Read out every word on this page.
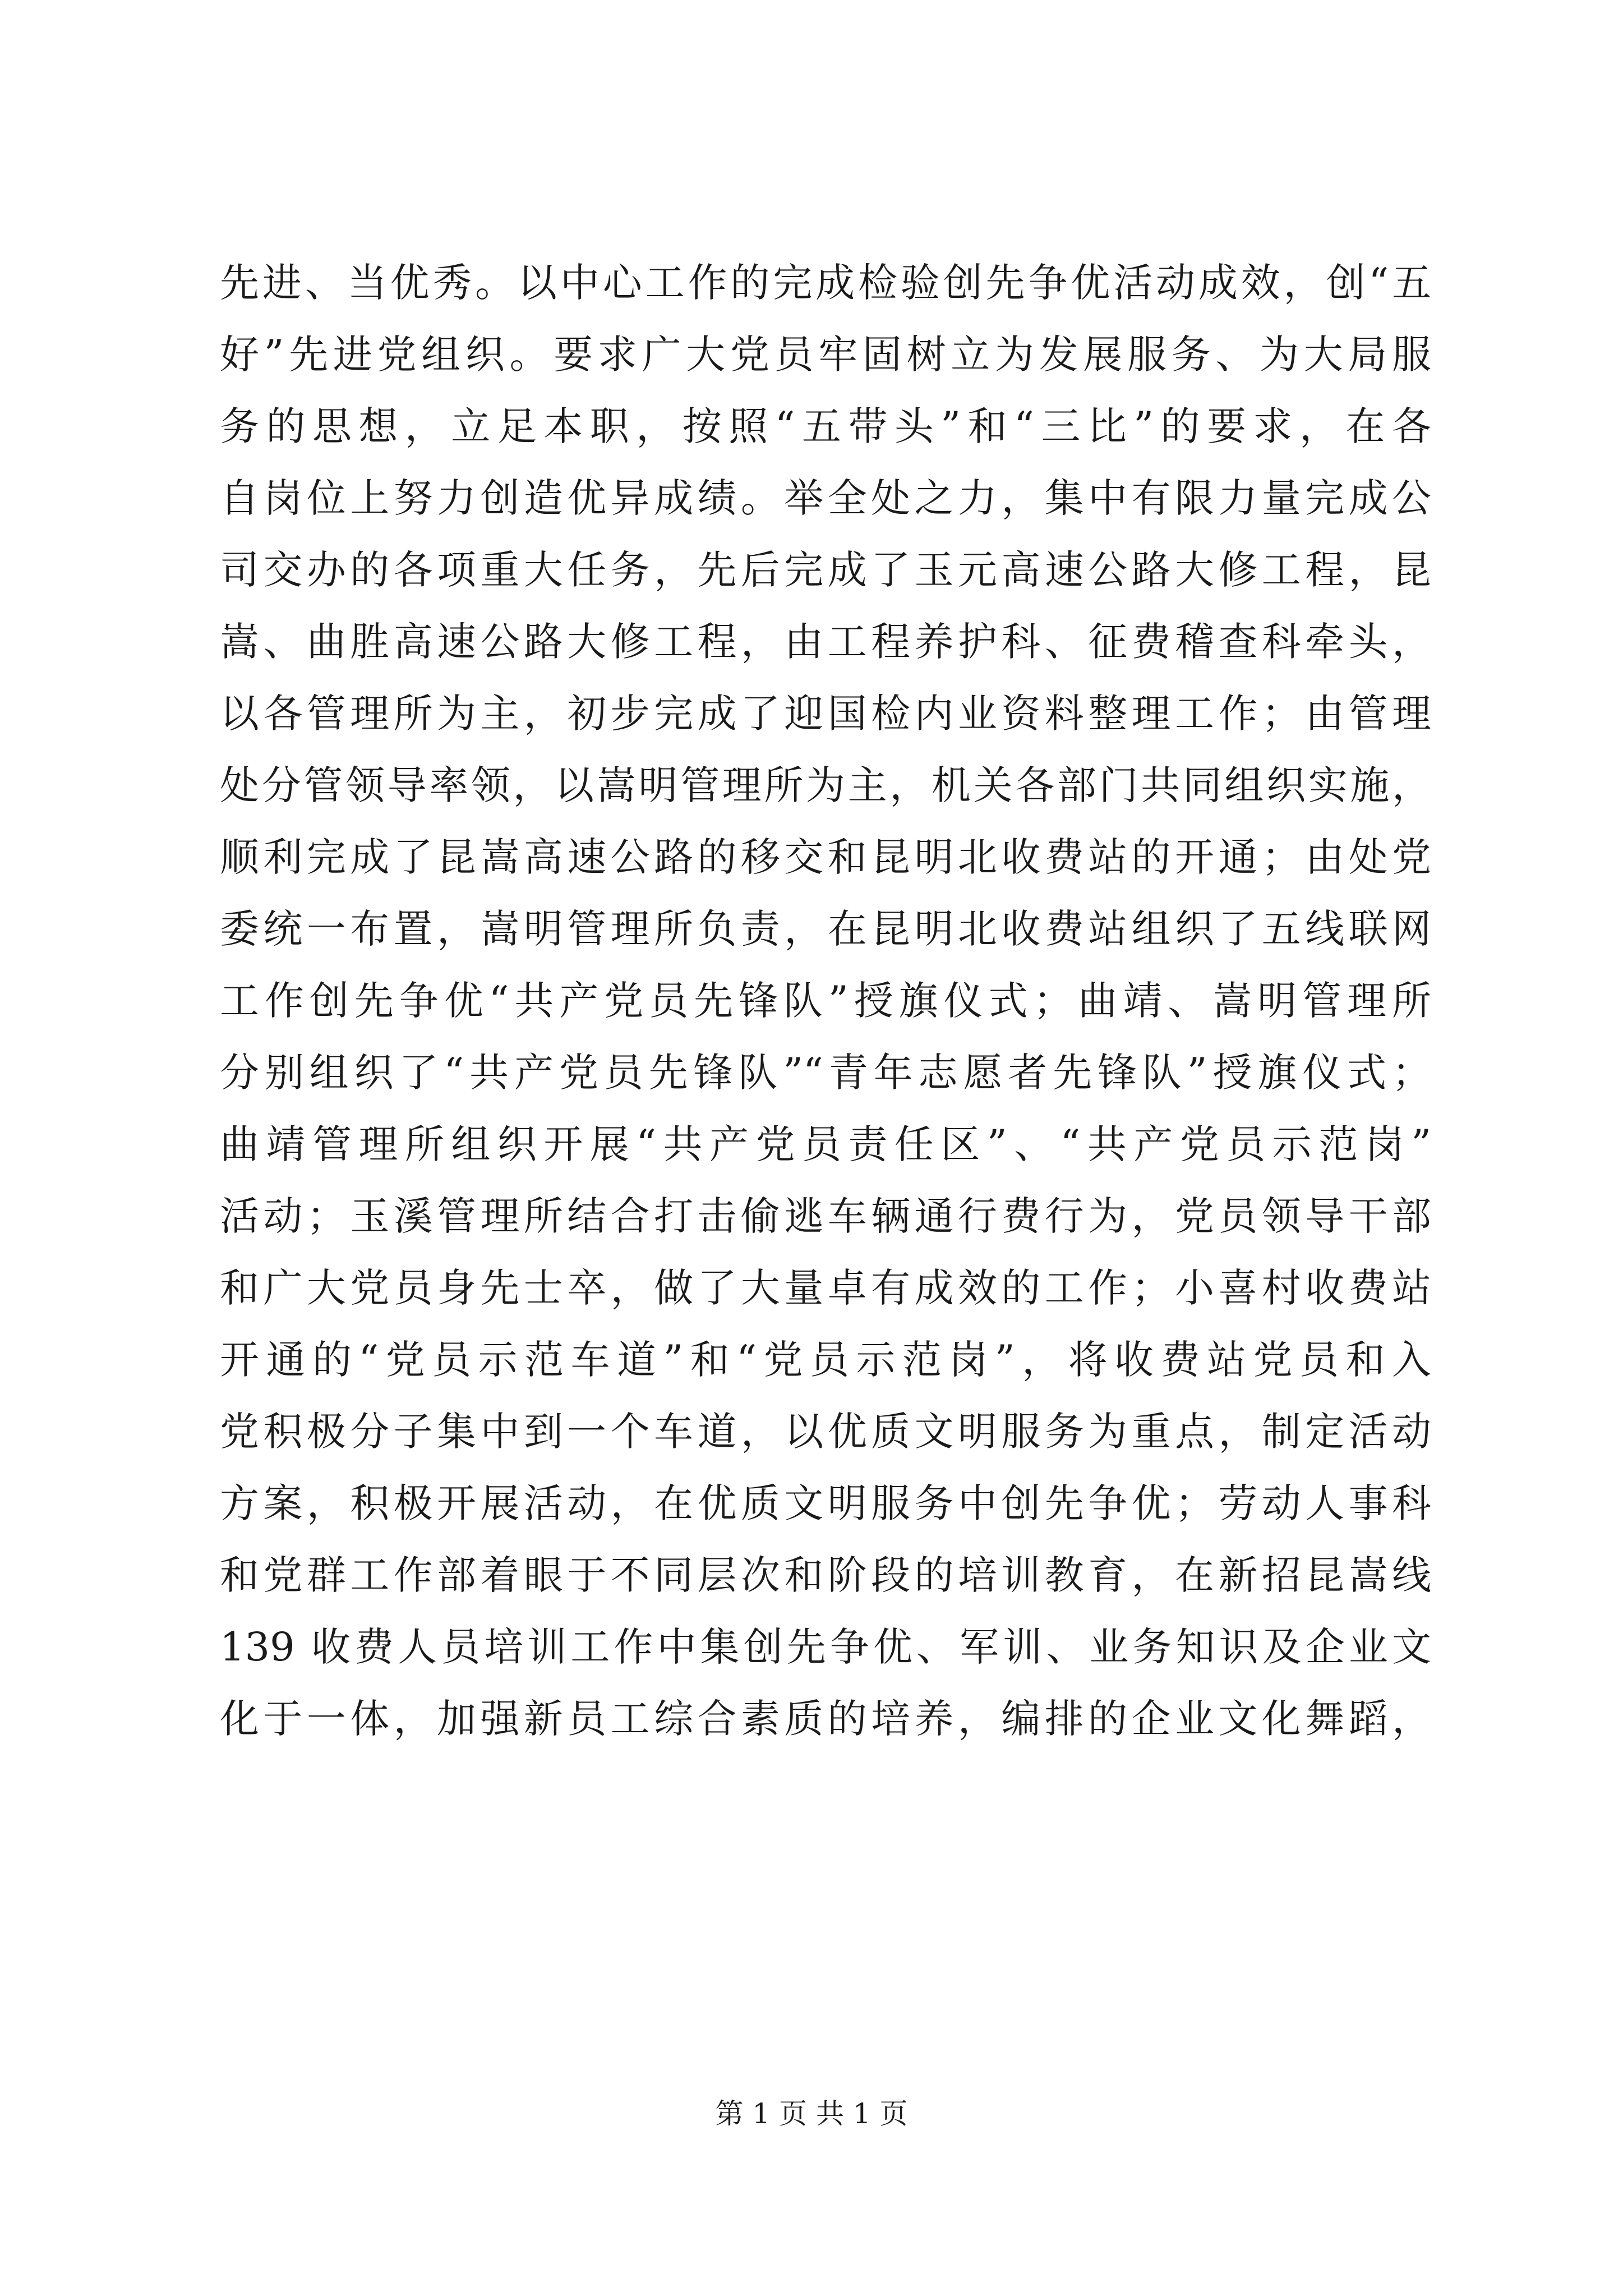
先进、当优秀。以中心工作的完成检验创先争优活动成效，创“五
好”先进党组织。要求广大党员牢固树立为发展服务、为大局服
务的思想，立足本职，按照“五带头”和“三比”的要求，在各
自岗位上努力创造优异成绩。举全处之力，集中有限力量完成公
司交办的各项重大任务，先后完成了玉元高速公路大修工程，昆
嵩、曲胜高速公路大修工程，由工程养护科、征费稽查科牵头，
以各管理所为主，初步完成了迎国检内业资料整理工作；由管理
处分管领导率领，以嵩明管理所为主，机关各部门共同组织实施，
顺利完成了昆嵩高速公路的移交和昆明北收费站的开通；由处党
委统一布置，嵩明管理所负责，在昆明北收费站组织了五线联网
工作创先争优“共产党员先锋队”授旗仪式；曲靖、嵩明管理所
分别组织了“共产党员先锋队”“青年志愿者先锋队”授旗仪式；
曲靖管理所组织开展“共产党员责任区”、“共产党员示范岗”
活动；玉溪管理所结合打击偷逃车辆通行费行为，党员领导干部
和广大党员身先士卒，做了大量卓有成效的工作；小喜村收费站
开通的“党员示范车道”和“党员示范岗”，将收费站党员和入
党积极分子集中到一个车道，以优质文明服务为重点，制定活动
方案，积极开展活动，在优质文明服务中创先争优；劳动人事科
和党群工作部着眼于不同层次和阶段的培训教育，在新招昆嵩线
139 收费人员培训工作中集创先争优、军训、业务知识及企业文
化于一体，加强新员工综合素质的培养，编排的企业文化舞蹈，

第 1 页 共 1 页
